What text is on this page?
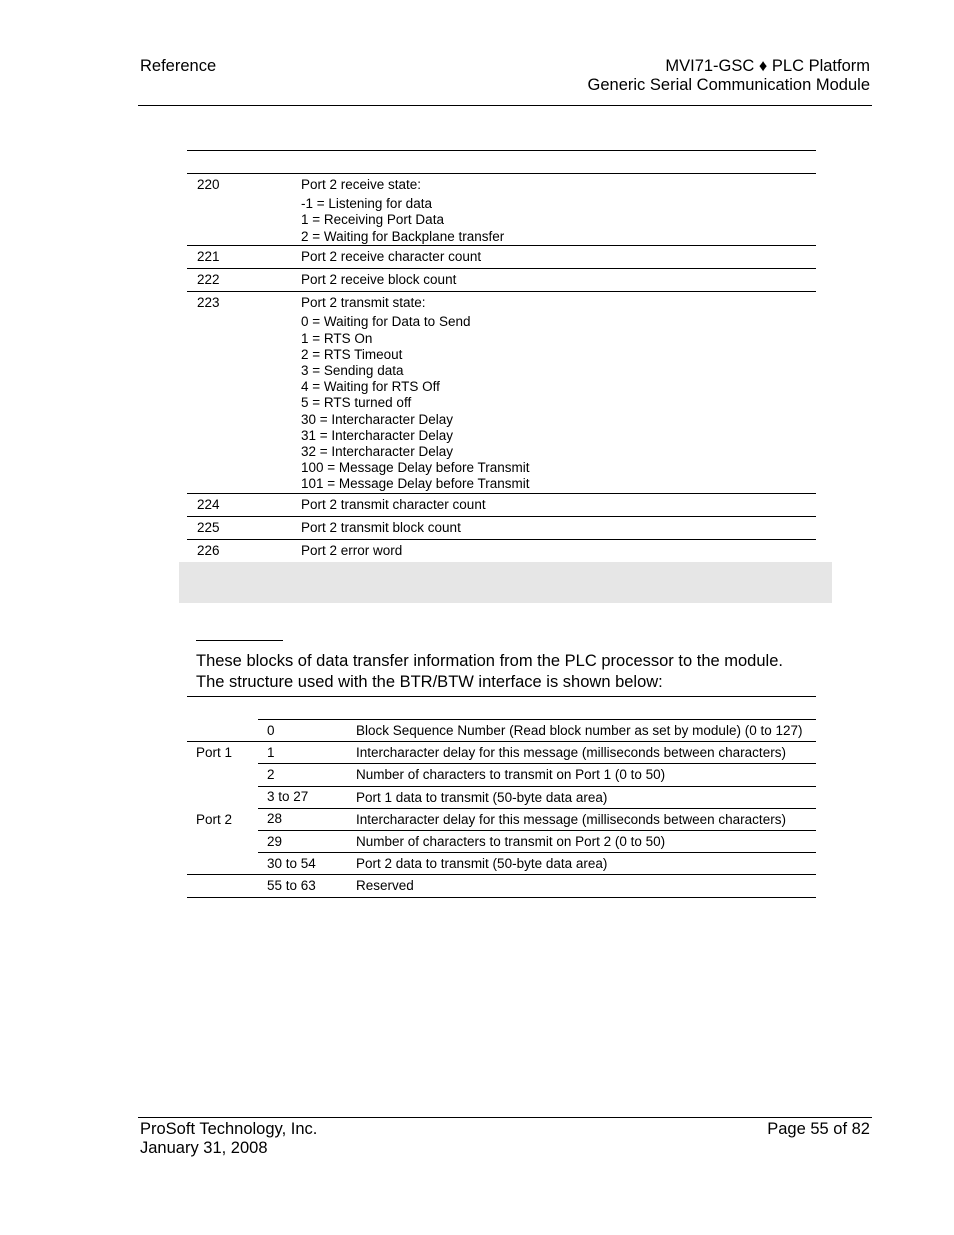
Reference	MVI71-GSC ♦ PLC Platform
Generic Serial Communication Module
220	Port 2 receive state:
-1 = Listening for data
1 = Receiving Port Data
2 = Waiting for Backplane transfer
221	Port 2 receive character count
222	Port 2 receive block count
223	Port 2 transmit state:
0 = Waiting for Data to Send
1 = RTS On
2 = RTS Timeout
3 = Sending data
4 = Waiting for RTS Off
5 = RTS turned off
30 = Intercharacter Delay
31 = Intercharacter Delay
32 = Intercharacter Delay
100 = Message Delay before Transmit
101 = Message Delay before Transmit
224	Port 2 transmit character count
225	Port 2 transmit block count
226	Port 2 error word
These blocks of data transfer information from the PLC processor to the module.
The structure used with the BTR/BTW interface is shown below:
0	Block Sequence Number (Read block number as set by module) (0 to 127)
Port 1	1	Intercharacter delay for this message (milliseconds between characters)
2	Number of characters to transmit on Port 1 (0 to 50)
3 to 27	Port 1 data to transmit (50-byte data area)
Port 2	28	Intercharacter delay for this message (milliseconds between characters)
29	Number of characters to transmit on Port 2 (0 to 50)
30 to 54	Port 2 data to transmit (50-byte data area)
55 to 63	Reserved
ProSoft Technology, Inc.
January 31, 2008
Page 55 of 82
